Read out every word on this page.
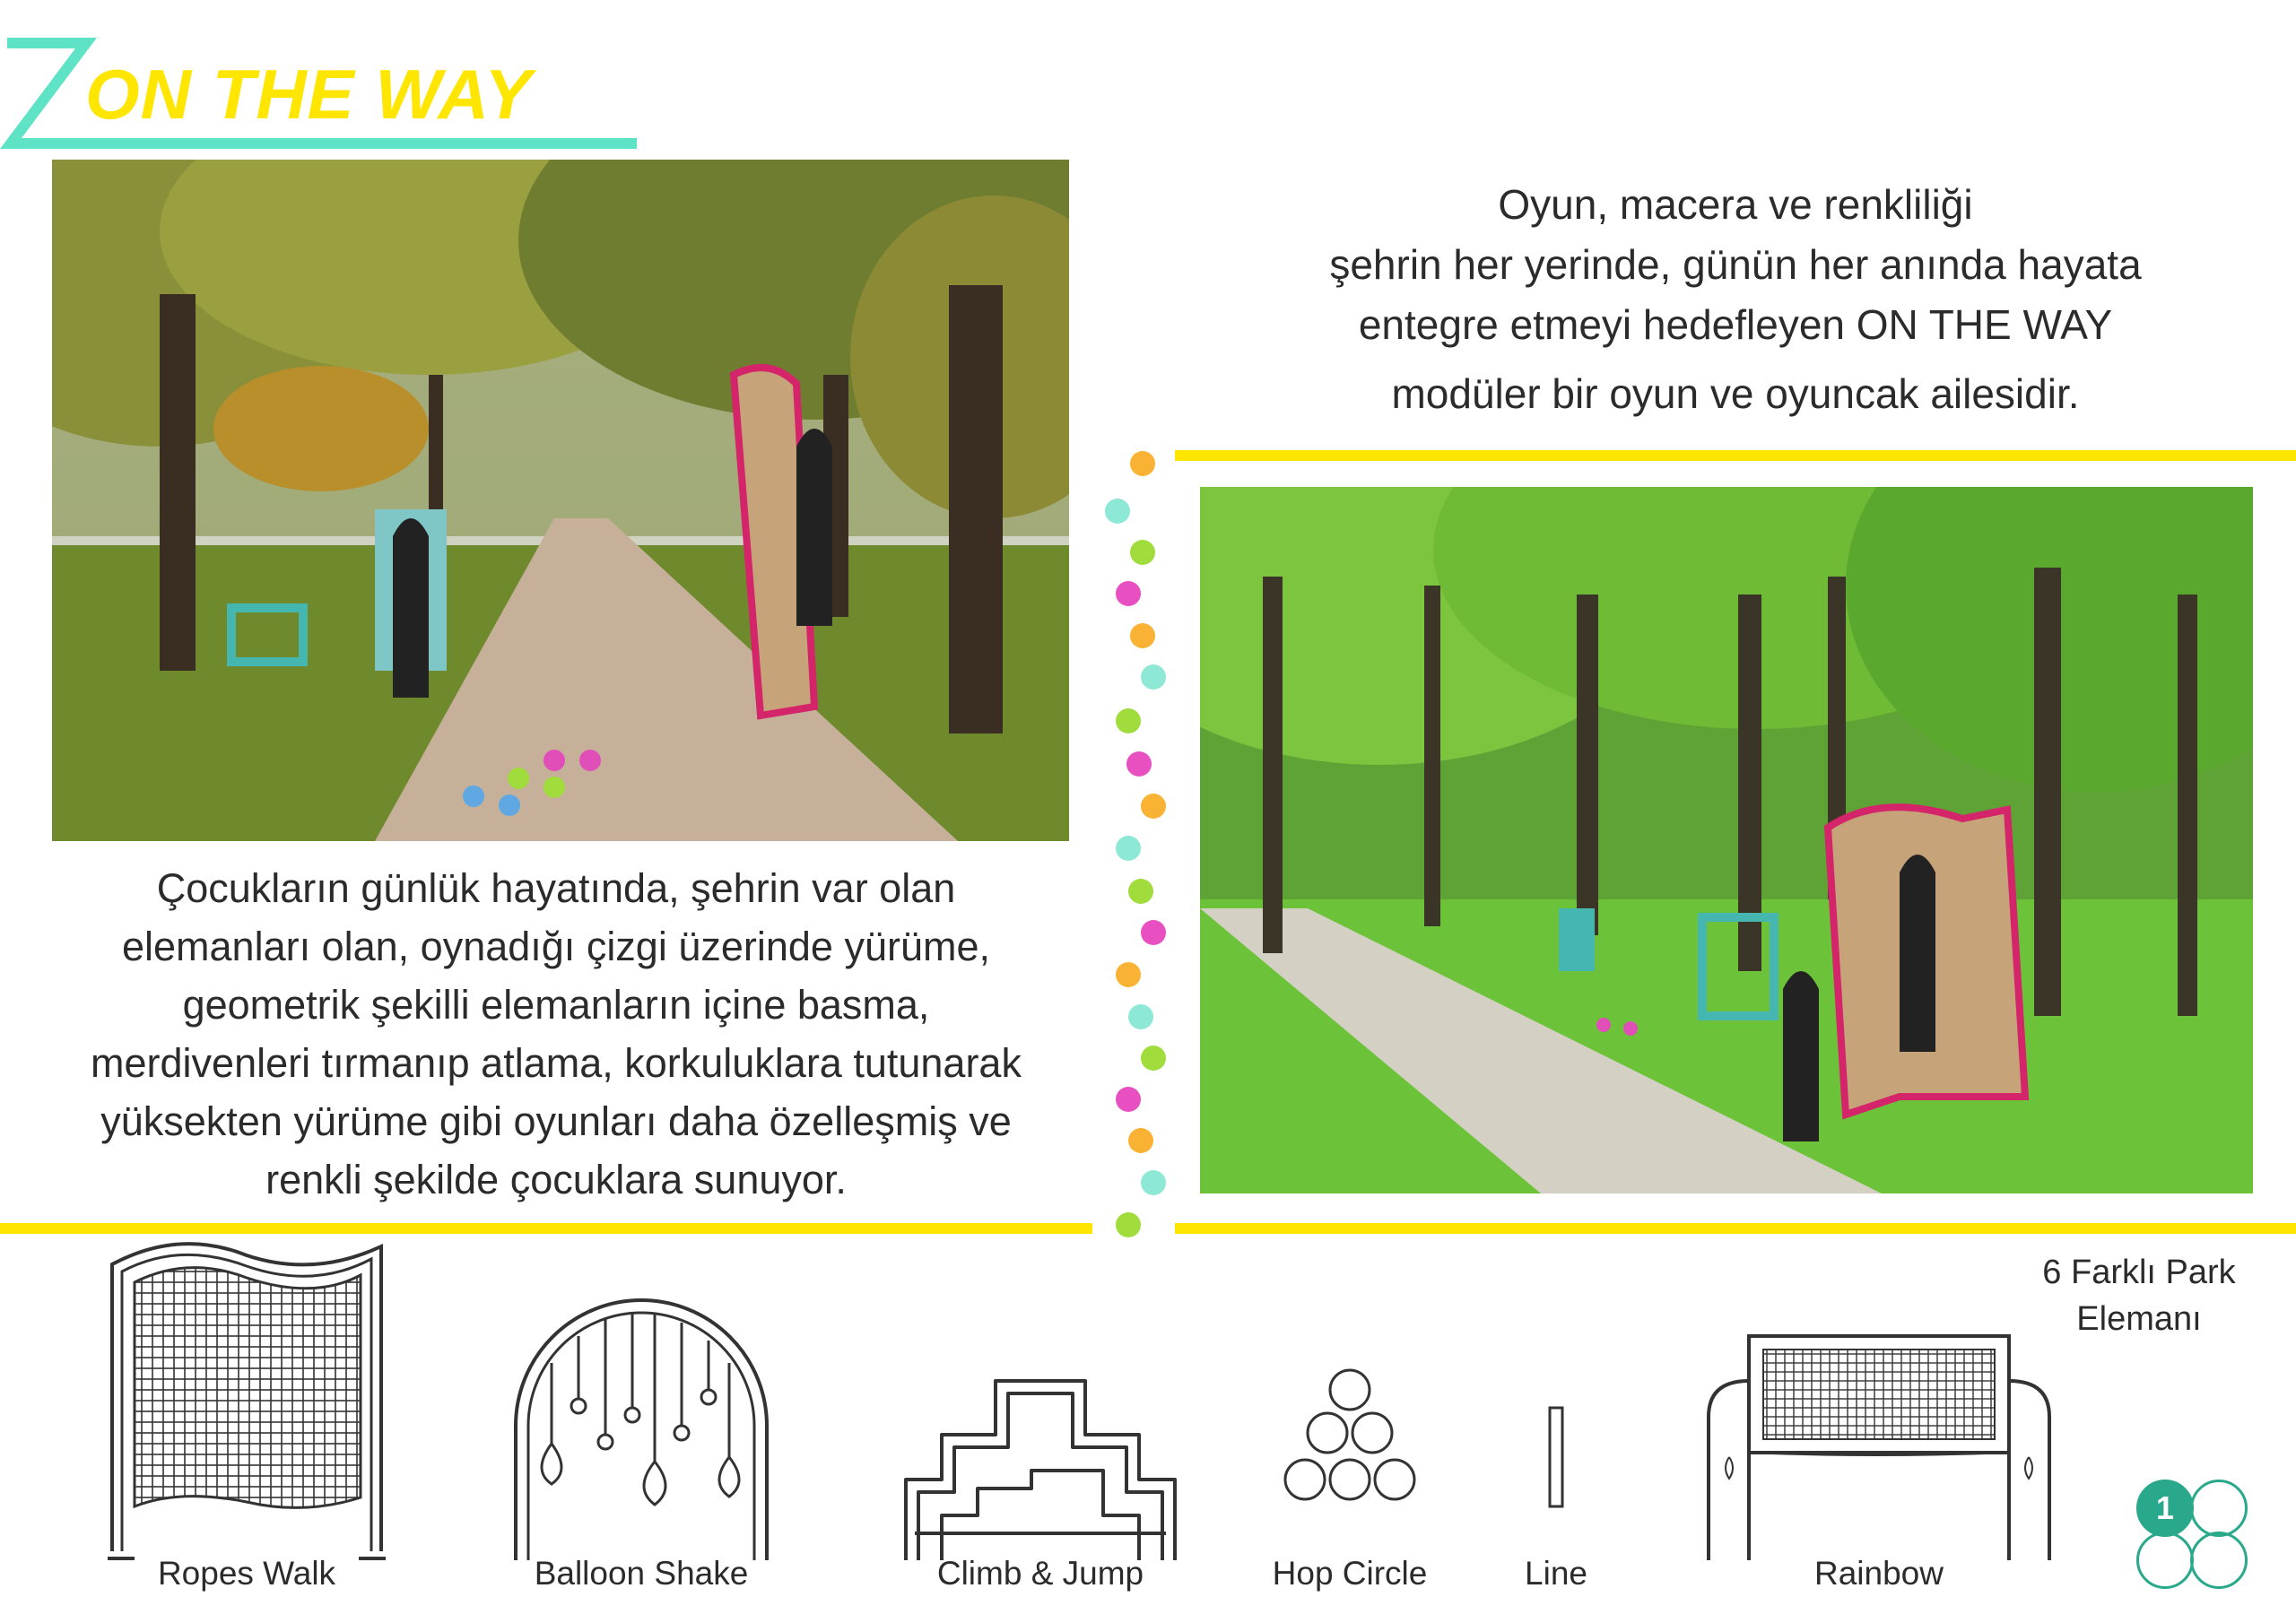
ON THE WAY
Oyun, macera ve renkliliği
şehrin her yerinde, günün her anında hayata
entegre etmeyi hedefleyen ON THE WAY
modüler bir oyun ve oyuncak ailesidir.
Çocukların günlük hayatında, şehrin var olan
elemanları olan, oynadığı çizgi üzerinde yürüme,
geometrik şekilli elemanların içine basma,
merdivenleri tırmanıp atlama, korkuluklara tutunarak
yüksekten yürüme gibi oyunları daha özelleşmiş ve
renkli şekilde çocuklara sunuyor.
6 Farklı Park
Elemanı
Ropes Walk	Balloon Shake	Climb & Jump	Hop Circle	Line	Rainbow
1
